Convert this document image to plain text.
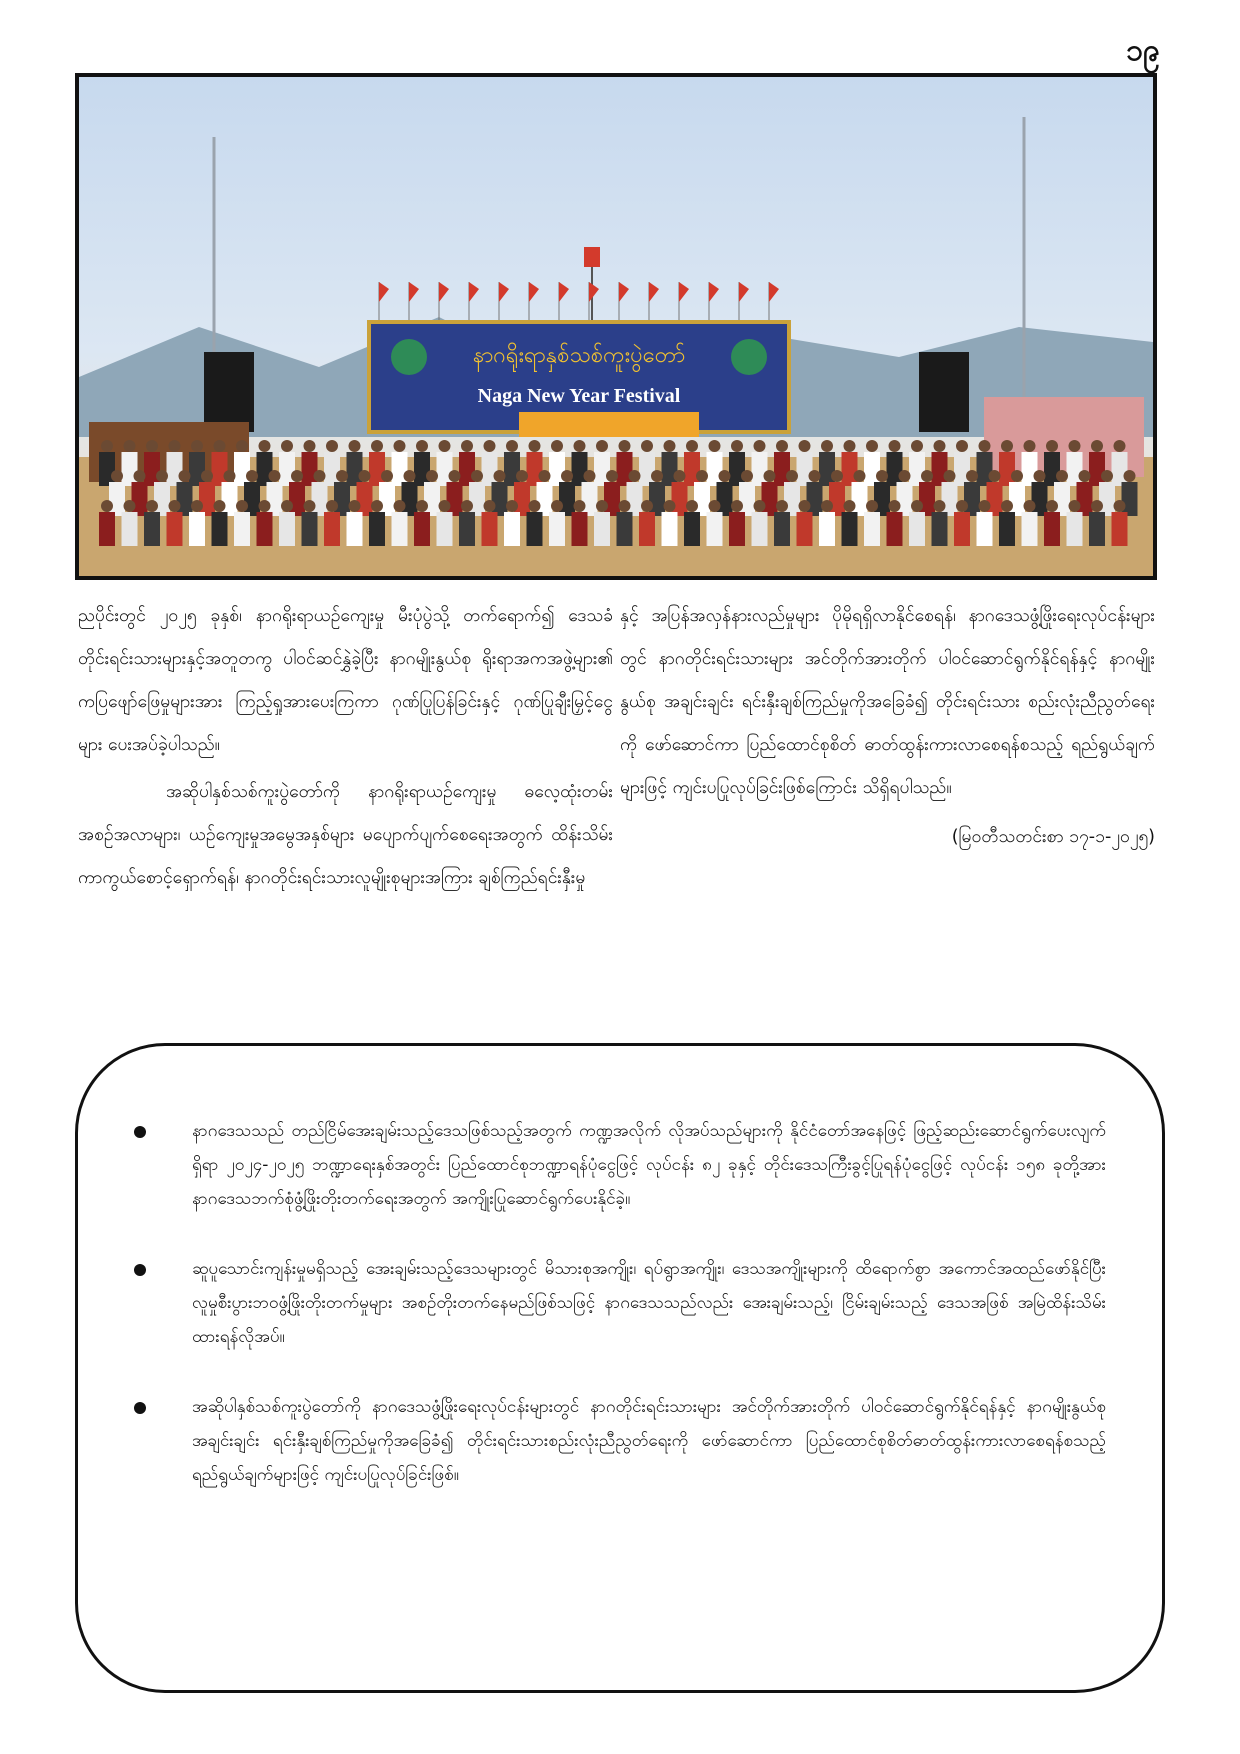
၁၉
နာဂရိုးရာနှစ်သစ်ကူးပွဲတော်
Naga New Year Festival

ညပိုင်းတွင် ၂၀၂၅ ခုနှစ်၊ နာဂရိုးရာယဉ်ကျေးမှု မီးပုံပွဲသို့ တက်ရောက်၍ ဒေသခံတိုင်းရင်းသားများနှင့်အတူတကွ ပါဝင်ဆင်နွှဲခဲ့ပြီး နာဂမျိုးနွယ်စု ရိုးရာအကအဖွဲ့များ၏ ကပြဖျော်ဖြေမှုများအား ကြည့်ရှုအားပေးကြကာ ဂုဏ်ပြုပြန်ခြင်းနှင့် ဂုဏ်ပြုချီးမြှင့်ငွေများ ပေးအပ်ခဲ့ပါသည်။

အဆိုပါနှစ်သစ်ကူးပွဲတော်ကို နာဂရိုးရာယဉ်ကျေးမှု ဓလေ့ထုံးတမ်းအစဉ်အလာများ၊ ယဉ်ကျေးမှုအမွေအနှစ်များ မပျောက်ပျက်စေရေးအတွက် ထိန်းသိမ်းကာကွယ်စောင့်ရှောက်ရန်၊ နာဂတိုင်းရင်းသားလူမျိုးစုများအကြား ချစ်ကြည်ရင်းနှီးမှု

နှင့် အပြန်အလှန်နားလည်မှုများ ပိုမိုရရှိလာနိုင်စေရန်၊ နာဂဒေသဖွံ့ဖြိုးရေးလုပ်ငန်းများတွင် နာဂတိုင်းရင်းသားများ အင်တိုက်အားတိုက် ပါဝင်ဆောင်ရွက်နိုင်ရန်နှင့် နာဂမျိုးနွယ်စု အချင်းချင်း ရင်းနှီးချစ်ကြည်မှုကိုအခြေခံ၍ တိုင်းရင်းသား စည်းလုံးညီညွတ်ရေးကို ဖော်ဆောင်ကာ ပြည်ထောင်စုစိတ် ဓာတ်ထွန်းကားလာစေရန်စသည့် ရည်ရွယ်ချက်များဖြင့် ကျင်းပပြုလုပ်ခြင်းဖြစ်ကြောင်း သိရှိရပါသည်။

(မြဝတီသတင်းစာ ၁၇-၁-၂၀၂၅)

နာဂဒေသသည် တည်ငြိမ်အေးချမ်းသည့်ဒေသဖြစ်သည့်အတွက် ကဏ္ဍအလိုက် လိုအပ်သည်များကို နိုင်ငံတော်အနေဖြင့် ဖြည့်ဆည်းဆောင်ရွက်ပေးလျက်ရှိရာ ၂၀၂၄-၂၀၂၅ ဘဏ္ဍာရေးနှစ်အတွင်း ပြည်ထောင်စုဘဏ္ဍာရန်ပုံငွေဖြင့် လုပ်ငန်း ၈၂ ခုနှင့် တိုင်းဒေသကြီးခွင့်ပြုရန်ပုံငွေဖြင့် လုပ်ငန်း ၁၅၈ ခုတို့အား နာဂဒေသဘက်စုံဖွံ့ဖြိုးတိုးတက်ရေးအတွက် အကျိုးပြုဆောင်ရွက်ပေးနိုင်ခဲ့။
ဆူပူသောင်းကျန်းမှုမရှိသည့် အေးချမ်းသည့်ဒေသများတွင် မိသားစုအကျိုး၊ ရပ်ရွာအကျိုး၊ ဒေသအကျိုးများကို ထိရောက်စွာ အကောင်အထည်ဖော်နိုင်ပြီး လူမှုစီးပွားဘဝဖွံ့ဖြိုးတိုးတက်မှုများ အစဉ်တိုးတက်နေမည်ဖြစ်သဖြင့် နာဂဒေသသည်လည်း အေးချမ်းသည့်၊ ငြိမ်းချမ်းသည့် ဒေသအဖြစ် အမြဲထိန်းသိမ်းထားရန်လိုအပ်။
အဆိုပါနှစ်သစ်ကူးပွဲတော်ကို နာဂဒေသဖွံ့ဖြိုးရေးလုပ်ငန်းများတွင် နာဂတိုင်းရင်းသားများ အင်တိုက်အားတိုက် ပါဝင်ဆောင်ရွက်နိုင်ရန်နှင့် နာဂမျိုးနွယ်စုအချင်းချင်း ရင်းနှီးချစ်ကြည်မှုကိုအခြေခံ၍ တိုင်းရင်းသားစည်းလုံးညီညွတ်ရေးကို ဖော်ဆောင်ကာ ပြည်ထောင်စုစိတ်ဓာတ်ထွန်းကားလာစေရန်စသည့် ရည်ရွယ်ချက်များဖြင့် ကျင်းပပြုလုပ်ခြင်းဖြစ်။
